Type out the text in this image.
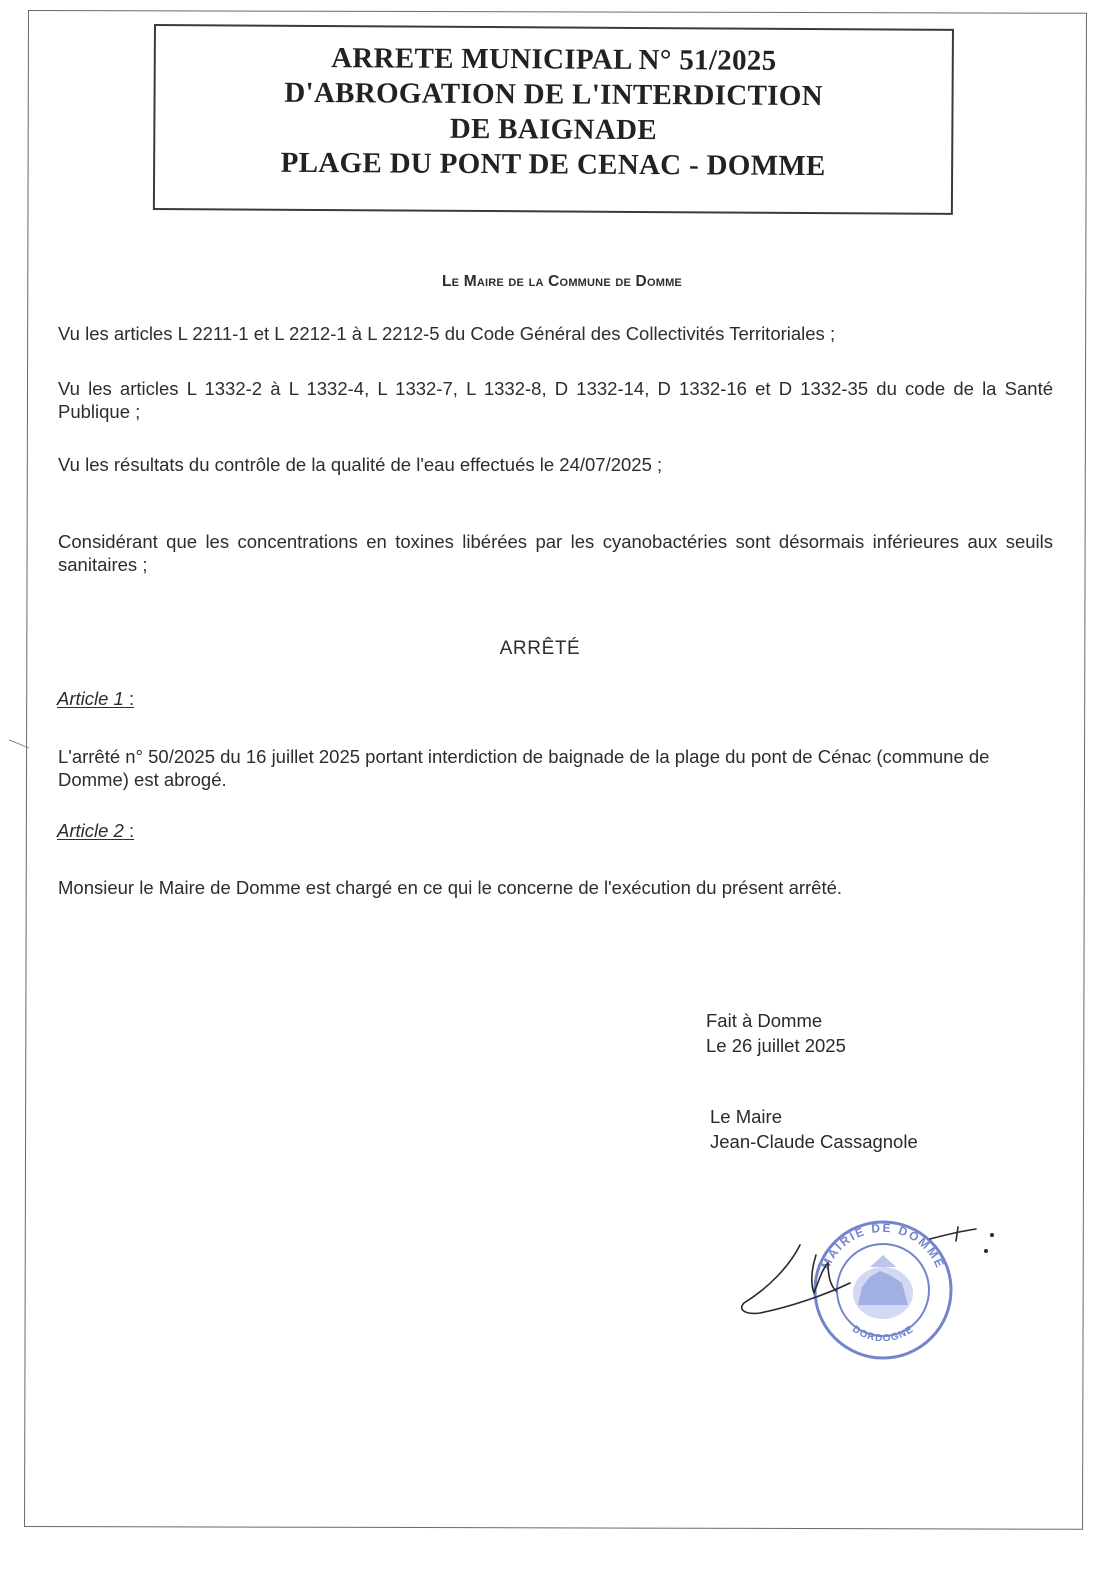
ARRETE MUNICIPAL N° 51/2025
D'ABROGATION DE L'INTERDICTION
DE BAIGNADE
PLAGE DU PONT DE CENAC - DOMME
Le Maire de la Commune de Domme
Vu les articles L 2211-1 et L 2212-1 à L 2212-5 du Code Général des Collectivités Territoriales ;
Vu les articles L 1332-2 à L 1332-4, L 1332-7, L 1332-8, D 1332-14, D 1332-16 et D 1332-35 du code de la Santé Publique ;
Vu les résultats du contrôle de la qualité de l'eau effectués le 24/07/2025 ;
Considérant que les concentrations en toxines libérées par les cyanobactéries sont désormais inférieures aux seuils sanitaires ;
ARRÊTÉ
Article 1 :
L'arrêté n° 50/2025 du 16 juillet 2025 portant interdiction de baignade de la plage du pont de Cénac (commune de Domme) est abrogé.
Article 2 :
Monsieur le Maire de Domme est chargé en ce qui le concerne de l'exécution du présent arrêté.
Fait à Domme
Le 26 juillet 2025
Le Maire
Jean-Claude Cassagnole
MAIRIE DE DOMME
DORDOGNE
